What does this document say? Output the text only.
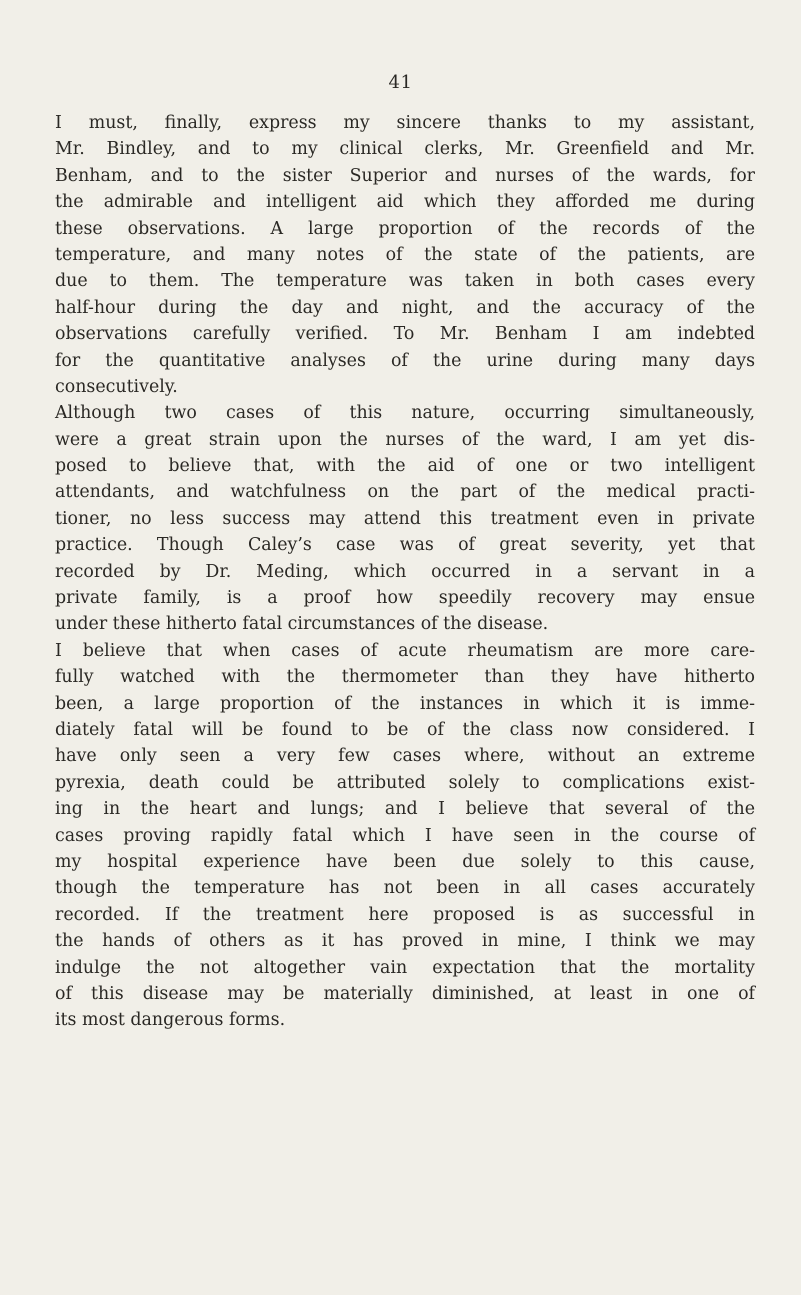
41
I must, finally, express my sincere thanks to my assistant,
Mr. Bindley, and to my clinical clerks, Mr. Greenfield and Mr.
Benham, and to the sister Superior and nurses of the wards, for
the admirable and intelligent aid which they afforded me during
these observations. A large proportion of the records of the
temperature, and many notes of the state of the patients, are
due to them. The temperature was taken in both cases every
half-hour during the day and night, and the accuracy of the
observations carefully verified. To Mr. Benham I am indebted
for the quantitative analyses of the urine during many days
consecutively.
Although two cases of this nature, occurring simultaneously,
were a great strain upon the nurses of the ward, I am yet dis-
posed to believe that, with the aid of one or two intelligent
attendants, and watchfulness on the part of the medical practi-
tioner, no less success may attend this treatment even in private
practice. Though Caley’s case was of great severity, yet that
recorded by Dr. Meding, which occurred in a servant in a
private family, is a proof how speedily recovery may ensue
under these hitherto fatal circumstances of the disease.
I believe that when cases of acute rheumatism are more care-
fully watched with the thermometer than they have hitherto
been, a large proportion of the instances in which it is imme-
diately fatal will be found to be of the class now considered. I
have only seen a very few cases where, without an extreme
pyrexia, death could be attributed solely to complications exist-
ing in the heart and lungs; and I believe that several of the
cases proving rapidly fatal which I have seen in the course of
my hospital experience have been due solely to this cause,
though the temperature has not been in all cases accurately
recorded. If the treatment here proposed is as successful in
the hands of others as it has proved in mine, I think we may
indulge the not altogether vain expectation that the mortality
of this disease may be materially diminished, at least in one of
its most dangerous forms.
